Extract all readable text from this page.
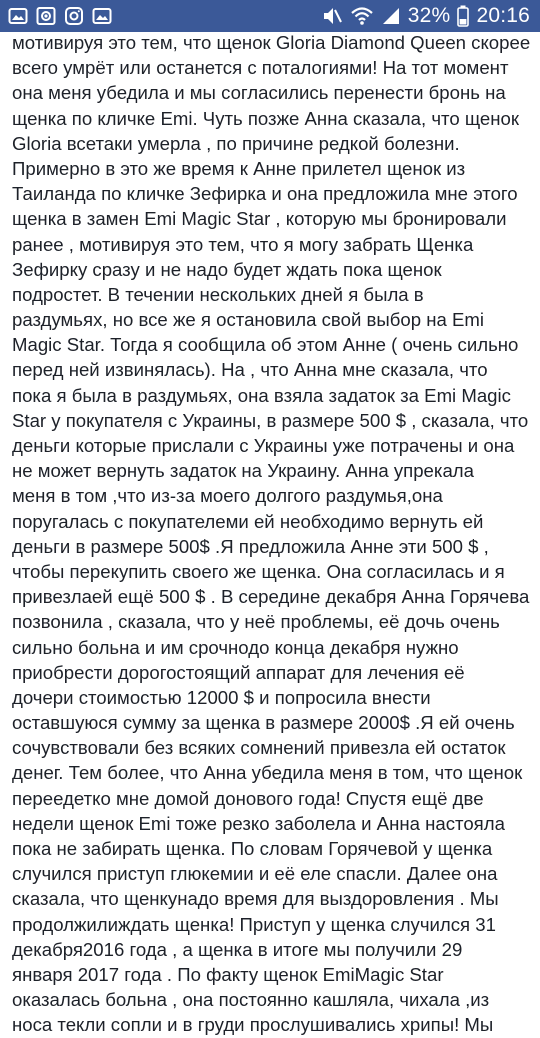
32% 20:16
мотивируя это тем, что щенок Gloria Diamond Queen скорее
всего умрёт или останется с поталогиями! На тот момент
она меня убедила и мы согласились перенести бронь на
щенка по кличке Emi. Чуть позже Анна сказала, что щенок
Gloria всетаки умерла , по причине редкой болезни.
Примерно в это же время к Анне прилетел щенок из
Таиланда по кличке Зефирка и она предложила мне этого
щенка в замен Emi Magic Star , которую мы бронировали
ранее , мотивируя это тем, что я могу забрать Щенка
Зефирку сразу и не надо будет ждать пока щенок
подростет. В течении нескольких дней я была в
раздумьях, но все же я остановила свой выбор на Emi
Magic Star. Тогда я сообщила об этом Анне ( очень сильно
перед ней извинялась). На , что Анна мне сказала, что
пока я была в раздумьях, она взяла задаток за Emi Magic
Star у покупателя с Украины, в размере 500 $ , сказала, что
деньги которые прислали с Украины уже потрачены и она
не может вернуть задаток на Украину. Анна упрекала
меня в том ,что из-за моего долгого раздумья,она
поругалась с покупателеми ей необходимо вернуть ей
деньги в размере 500$ .Я предложила Анне эти 500 $ ,
чтобы перекупить своего же щенка. Она согласилась и я
привезлаей ещё 500 $ . В середине декабря Анна Горячева
позвонила , сказала, что у неё проблемы, её дочь очень
сильно больна и им срочнодо конца декабря нужно
приобрести дорогостоящий аппарат для лечения её
дочери стоимостью 12000 $ и попросила внести
оставшуюся сумму за щенка в размере 2000$ .Я ей очень
сочувствовали без всяких сомнений привезла ей остаток
денег. Тем более, что Анна убедила меня в том, что щенок
переедетко мне домой донового года! Спустя ещё две
недели щенок Emi тоже резко заболела и Анна настояла
пока не забирать щенка. По словам Горячевой у щенка
случился приступ глюкемии и её еле спасли. Далее она
сказала, что щенкунадо время для выздоровления . Мы
продолжилиждать щенка! Приступ у щенка случился 31
декабря2016 года , а щенка в итоге мы получили 29
января 2017 года . По факту щенок EmiMagic Star
оказалась больна , она постоянно кашляла, чихала ,из
носа текли сопли и в груди прослушивались хрипы! Мы
